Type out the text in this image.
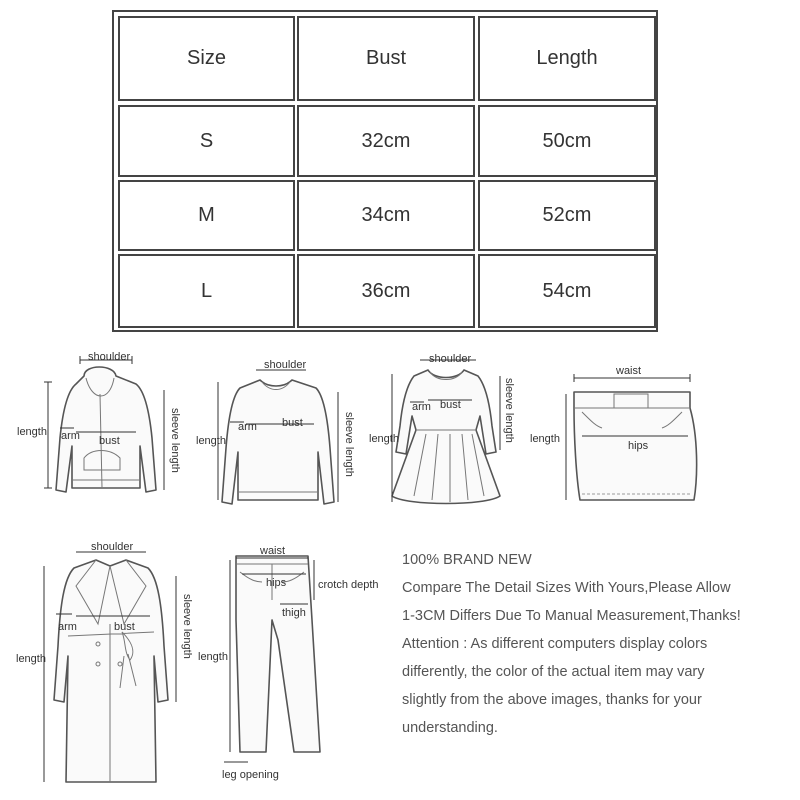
Size	Bust	Length
S	32cm	50cm
M	34cm	52cm
L	36cm	54cm
shoulder
length arm bust	sleeve length
shoulder
length
arm bust	sleeve length
shoulder
length
arm bust	sleeve length
waist
length
hips
shoulder
length
arm	bust	sleeve length
waist
hips	crotch depth
thigh
length
leg opening

100% BRAND NEW

Compare The Detail Sizes With Yours,Please Allow

1-3CM Differs Due To Manual Measurement,Thanks!

Attention : As different computers display colors

differently, the color of the actual item may vary

slightly from the above images, thanks for your

understanding.
